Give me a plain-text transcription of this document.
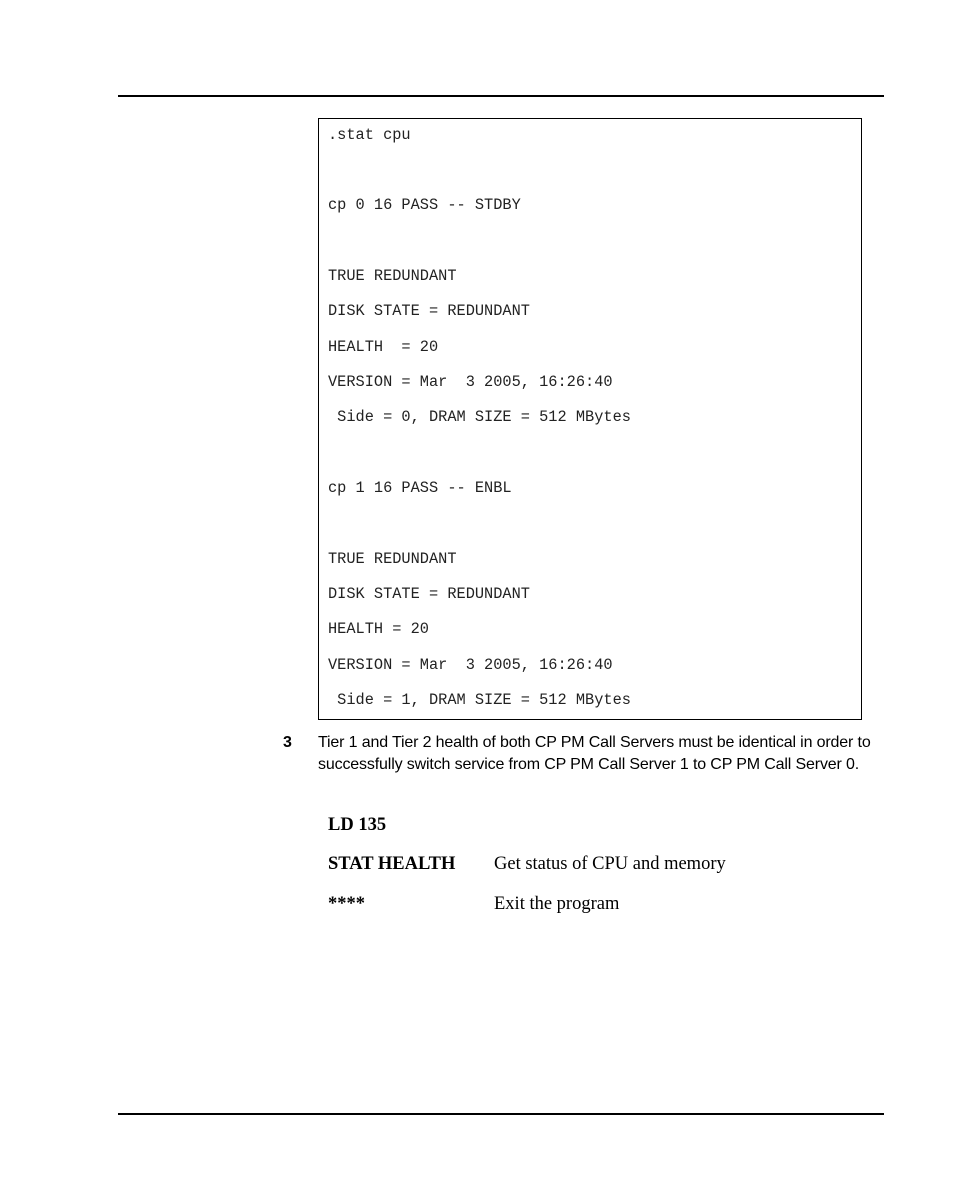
.stat cpu
cp 0 16 PASS -- STDBY
TRUE REDUNDANT
DISK STATE = REDUNDANT
HEALTH  = 20
VERSION = Mar  3 2005, 16:26:40
Side = 0, DRAM SIZE = 512 MBytes
cp 1 16 PASS -- ENBL
TRUE REDUNDANT
DISK STATE = REDUNDANT
HEALTH = 20
VERSION = Mar  3 2005, 16:26:40
Side = 1, DRAM SIZE = 512 MBytes
3 Tier 1 and Tier 2 health of both CP PM Call Servers must be identical in order to successfully switch service from CP PM Call Server 1 to CP PM Call Server 0.

LD 135
STAT HEALTH Get status of CPU and memory
****	Exit the program
